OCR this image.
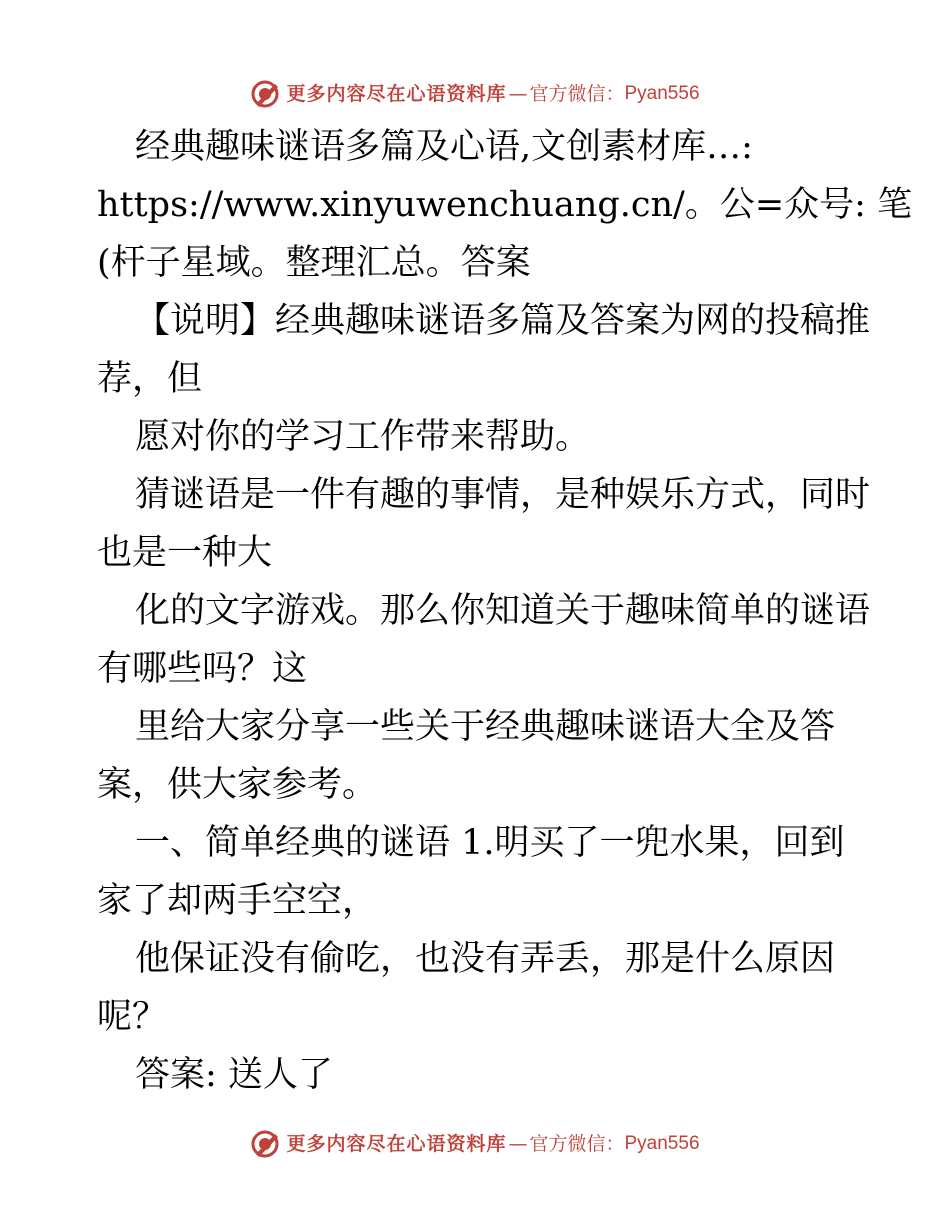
更多内容尽在心语资料库 — 官方微信： Pyan556
经典趣味谜语多篇及心语,文创素材库…:
https://www.xinyuwenchuang.cn/。公=众号: 笔
(杆子星域。整理汇总。答案
【说明】经典趣味谜语多篇及答案为网的投稿推
荐，但
愿对你的学习工作带来帮助。
猜谜语是一件有趣的事情，是种娱乐方式，同时
也是一种大
化的文字游戏。那么你知道关于趣味简单的谜语
有哪些吗？这
里给大家分享一些关于经典趣味谜语大全及答
案，供大家参考。
一、简单经典的谜语 1.明买了一兜水果，回到
家了却两手空空，
他保证没有偷吃，也没有弄丢，那是什么原因
呢？
答案: 送人了
更多内容尽在心语资料库 — 官方微信： Pyan556
